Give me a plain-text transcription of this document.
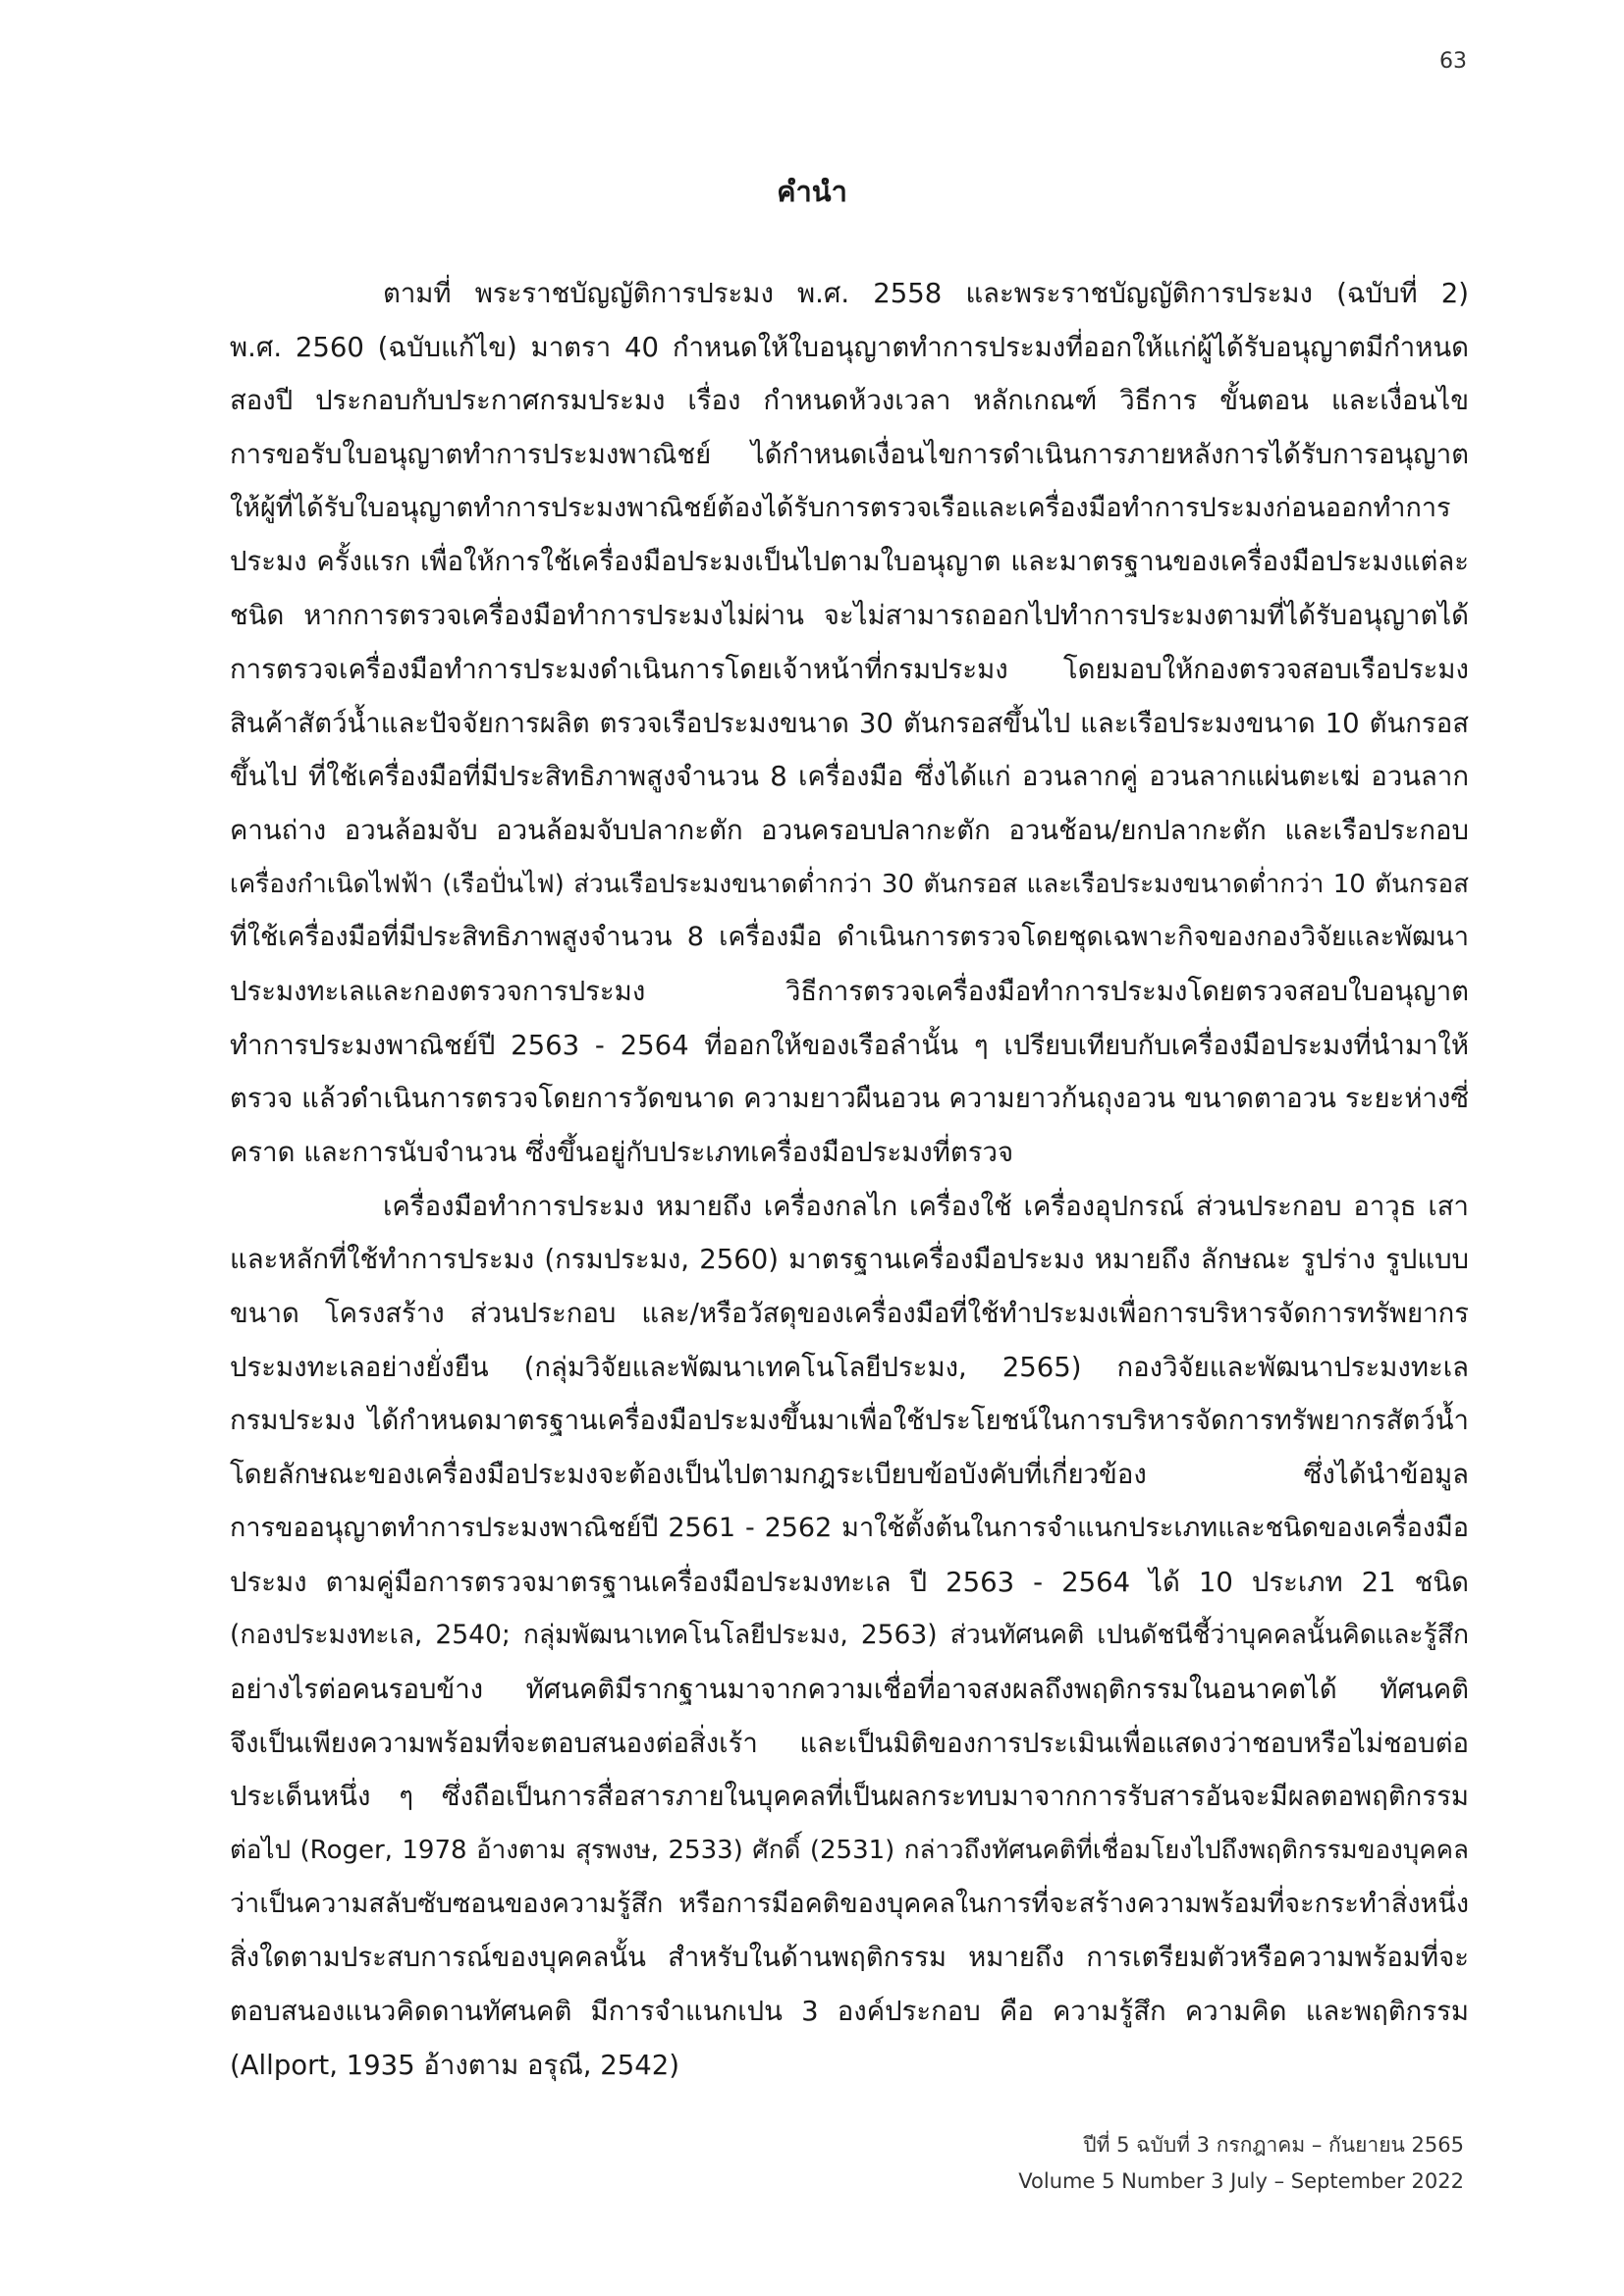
63
คำนำ
ตามที่ พระราชบัญญัติการประมง พ.ศ. 2558 และพระราชบัญญัติการประมง (ฉบับที่ 2)
พ.ศ. 2560 (ฉบับแก้ไข) มาตรา 40 กำหนดให้ใบอนุญาตทำการประมงที่ออกให้แก่ผู้ได้รับอนุญาตมีกำหนด
สองปี ประกอบกับประกาศกรมประมง เรื่อง กำหนดห้วงเวลา หลักเกณฑ์ วิธีการ ขั้นตอน และเงื่อนไข
การขอรับใบอนุญาตทำการประมงพาณิชย์ ได้กำหนดเงื่อนไขการดำเนินการภายหลังการได้รับการอนุญาต
ให้ผู้ที่ได้รับใบอนุญาตทำการประมงพาณิชย์ต้องได้รับการตรวจเรือและเครื่องมือทำการประมงก่อนออกทำการ
ประมง ครั้งแรก เพื่อให้การใช้เครื่องมือประมงเป็นไปตามใบอนุญาต และมาตรฐานของเครื่องมือประมงแต่ละ
ชนิด หากการตรวจเครื่องมือทำการประมงไม่ผ่าน จะไม่สามารถออกไปทำการประมงตามที่ได้รับอนุญาตได้
การตรวจเครื่องมือทำการประมงดำเนินการโดยเจ้าหน้าที่กรมประมง โดยมอบให้กองตรวจสอบเรือประมง
สินค้าสัตว์น้ำและปัจจัยการผลิต ตรวจเรือประมงขนาด 30 ตันกรอสขึ้นไป และเรือประมงขนาด 10 ตันกรอส
ขึ้นไป ที่ใช้เครื่องมือที่มีประสิทธิภาพสูงจำนวน 8 เครื่องมือ ซึ่งได้แก่ อวนลากคู่ อวนลากแผ่นตะเฆ่ อวนลาก
คานถ่าง อวนล้อมจับ อวนล้อมจับปลากะตัก อวนครอบปลากะตัก อวนช้อน/ยกปลากะตัก และเรือประกอบ
เครื่องกำเนิดไฟฟ้า (เรือปั่นไฟ) ส่วนเรือประมงขนาดต่ำกว่า 30 ตันกรอส และเรือประมงขนาดต่ำกว่า 10 ตันกรอส
ที่ใช้เครื่องมือที่มีประสิทธิภาพสูงจำนวน 8 เครื่องมือ ดำเนินการตรวจโดยชุดเฉพาะกิจของกองวิจัยและพัฒนา
ประมงทะเลและกองตรวจการประมง วิธีการตรวจเครื่องมือทำการประมงโดยตรวจสอบใบอนุญาต
ทำการประมงพาณิชย์ปี 2563 - 2564 ที่ออกให้ของเรือลำนั้น ๆ เปรียบเทียบกับเครื่องมือประมงที่นำมาให้
ตรวจ แล้วดำเนินการตรวจโดยการวัดขนาด ความยาวผืนอวน ความยาวก้นถุงอวน ขนาดตาอวน ระยะห่างซี่
คราด และการนับจำนวน ซึ่งขึ้นอยู่กับประเภทเครื่องมือประมงที่ตรวจ
เครื่องมือทำการประมง หมายถึง เครื่องกลไก เครื่องใช้ เครื่องอุปกรณ์ ส่วนประกอบ อาวุธ เสา
และหลักที่ใช้ทำการประมง (กรมประมง, 2560) มาตรฐานเครื่องมือประมง หมายถึง ลักษณะ รูปร่าง รูปแบบ
ขนาด โครงสร้าง ส่วนประกอบ และ/หรือวัสดุของเครื่องมือที่ใช้ทำประมงเพื่อการบริหารจัดการทรัพยากร
ประมงทะเลอย่างยั่งยืน (กลุ่มวิจัยและพัฒนาเทคโนโลยีประมง, 2565) กองวิจัยและพัฒนาประมงทะเล
กรมประมง ได้กำหนดมาตรฐานเครื่องมือประมงขึ้นมาเพื่อใช้ประโยชน์ในการบริหารจัดการทรัพยากรสัตว์น้ำ
โดยลักษณะของเครื่องมือประมงจะต้องเป็นไปตามกฎระเบียบข้อบังคับที่เกี่ยวข้อง ซึ่งได้นำข้อมูล
การขออนุญาตทำการประมงพาณิชย์ปี 2561 - 2562 มาใช้ตั้งต้นในการจำแนกประเภทและชนิดของเครื่องมือ
ประมง ตามคู่มือการตรวจมาตรฐานเครื่องมือประมงทะเล ปี 2563 - 2564 ได้ 10 ประเภท 21 ชนิด
(กองประมงทะเล, 2540; กลุ่มพัฒนาเทคโนโลยีประมง, 2563) ส่วนทัศนคติ เปนดัชนีชี้ว่าบุคคลนั้นคิดและรู้สึก
อย่างไรต่อคนรอบข้าง ทัศนคติมีรากฐานมาจากความเชื่อที่อาจสงผลถึงพฤติกรรมในอนาคตได้ ทัศนคติ
จึงเป็นเพียงความพร้อมที่จะตอบสนองต่อสิ่งเร้า และเป็นมิติของการประเมินเพื่อแสดงว่าชอบหรือไม่ชอบต่อ
ประเด็นหนึ่ง ๆ ซึ่งถือเป็นการสื่อสารภายในบุคคลที่เป็นผลกระทบมาจากการรับสารอันจะมีผลตอพฤติกรรม
ต่อไป (Roger, 1978 อ้างตาม สุรพงษ, 2533) ศักดิ์ (2531) กล่าวถึงทัศนคติที่เชื่อมโยงไปถึงพฤติกรรมของบุคคล
ว่าเป็นความสลับซับซอนของความรู้สึก หรือการมีอคติของบุคคลในการที่จะสร้างความพร้อมที่จะกระทำสิ่งหนึ่ง
สิ่งใดตามประสบการณ์ของบุคคลนั้น สำหรับในด้านพฤติกรรม หมายถึง การเตรียมตัวหรือความพร้อมที่จะ
ตอบสนองแนวคิดดานทัศนคติ มีการจำแนกเปน 3 องค์ประกอบ คือ ความรู้สึก ความคิด และพฤติกรรม
(Allport, 1935 อ้างตาม อรุณี, 2542)
ปีที่ 5 ฉบับที่ 3 กรกฎาคม – กันยายน 2565
Volume 5 Number 3 July – September 2022
